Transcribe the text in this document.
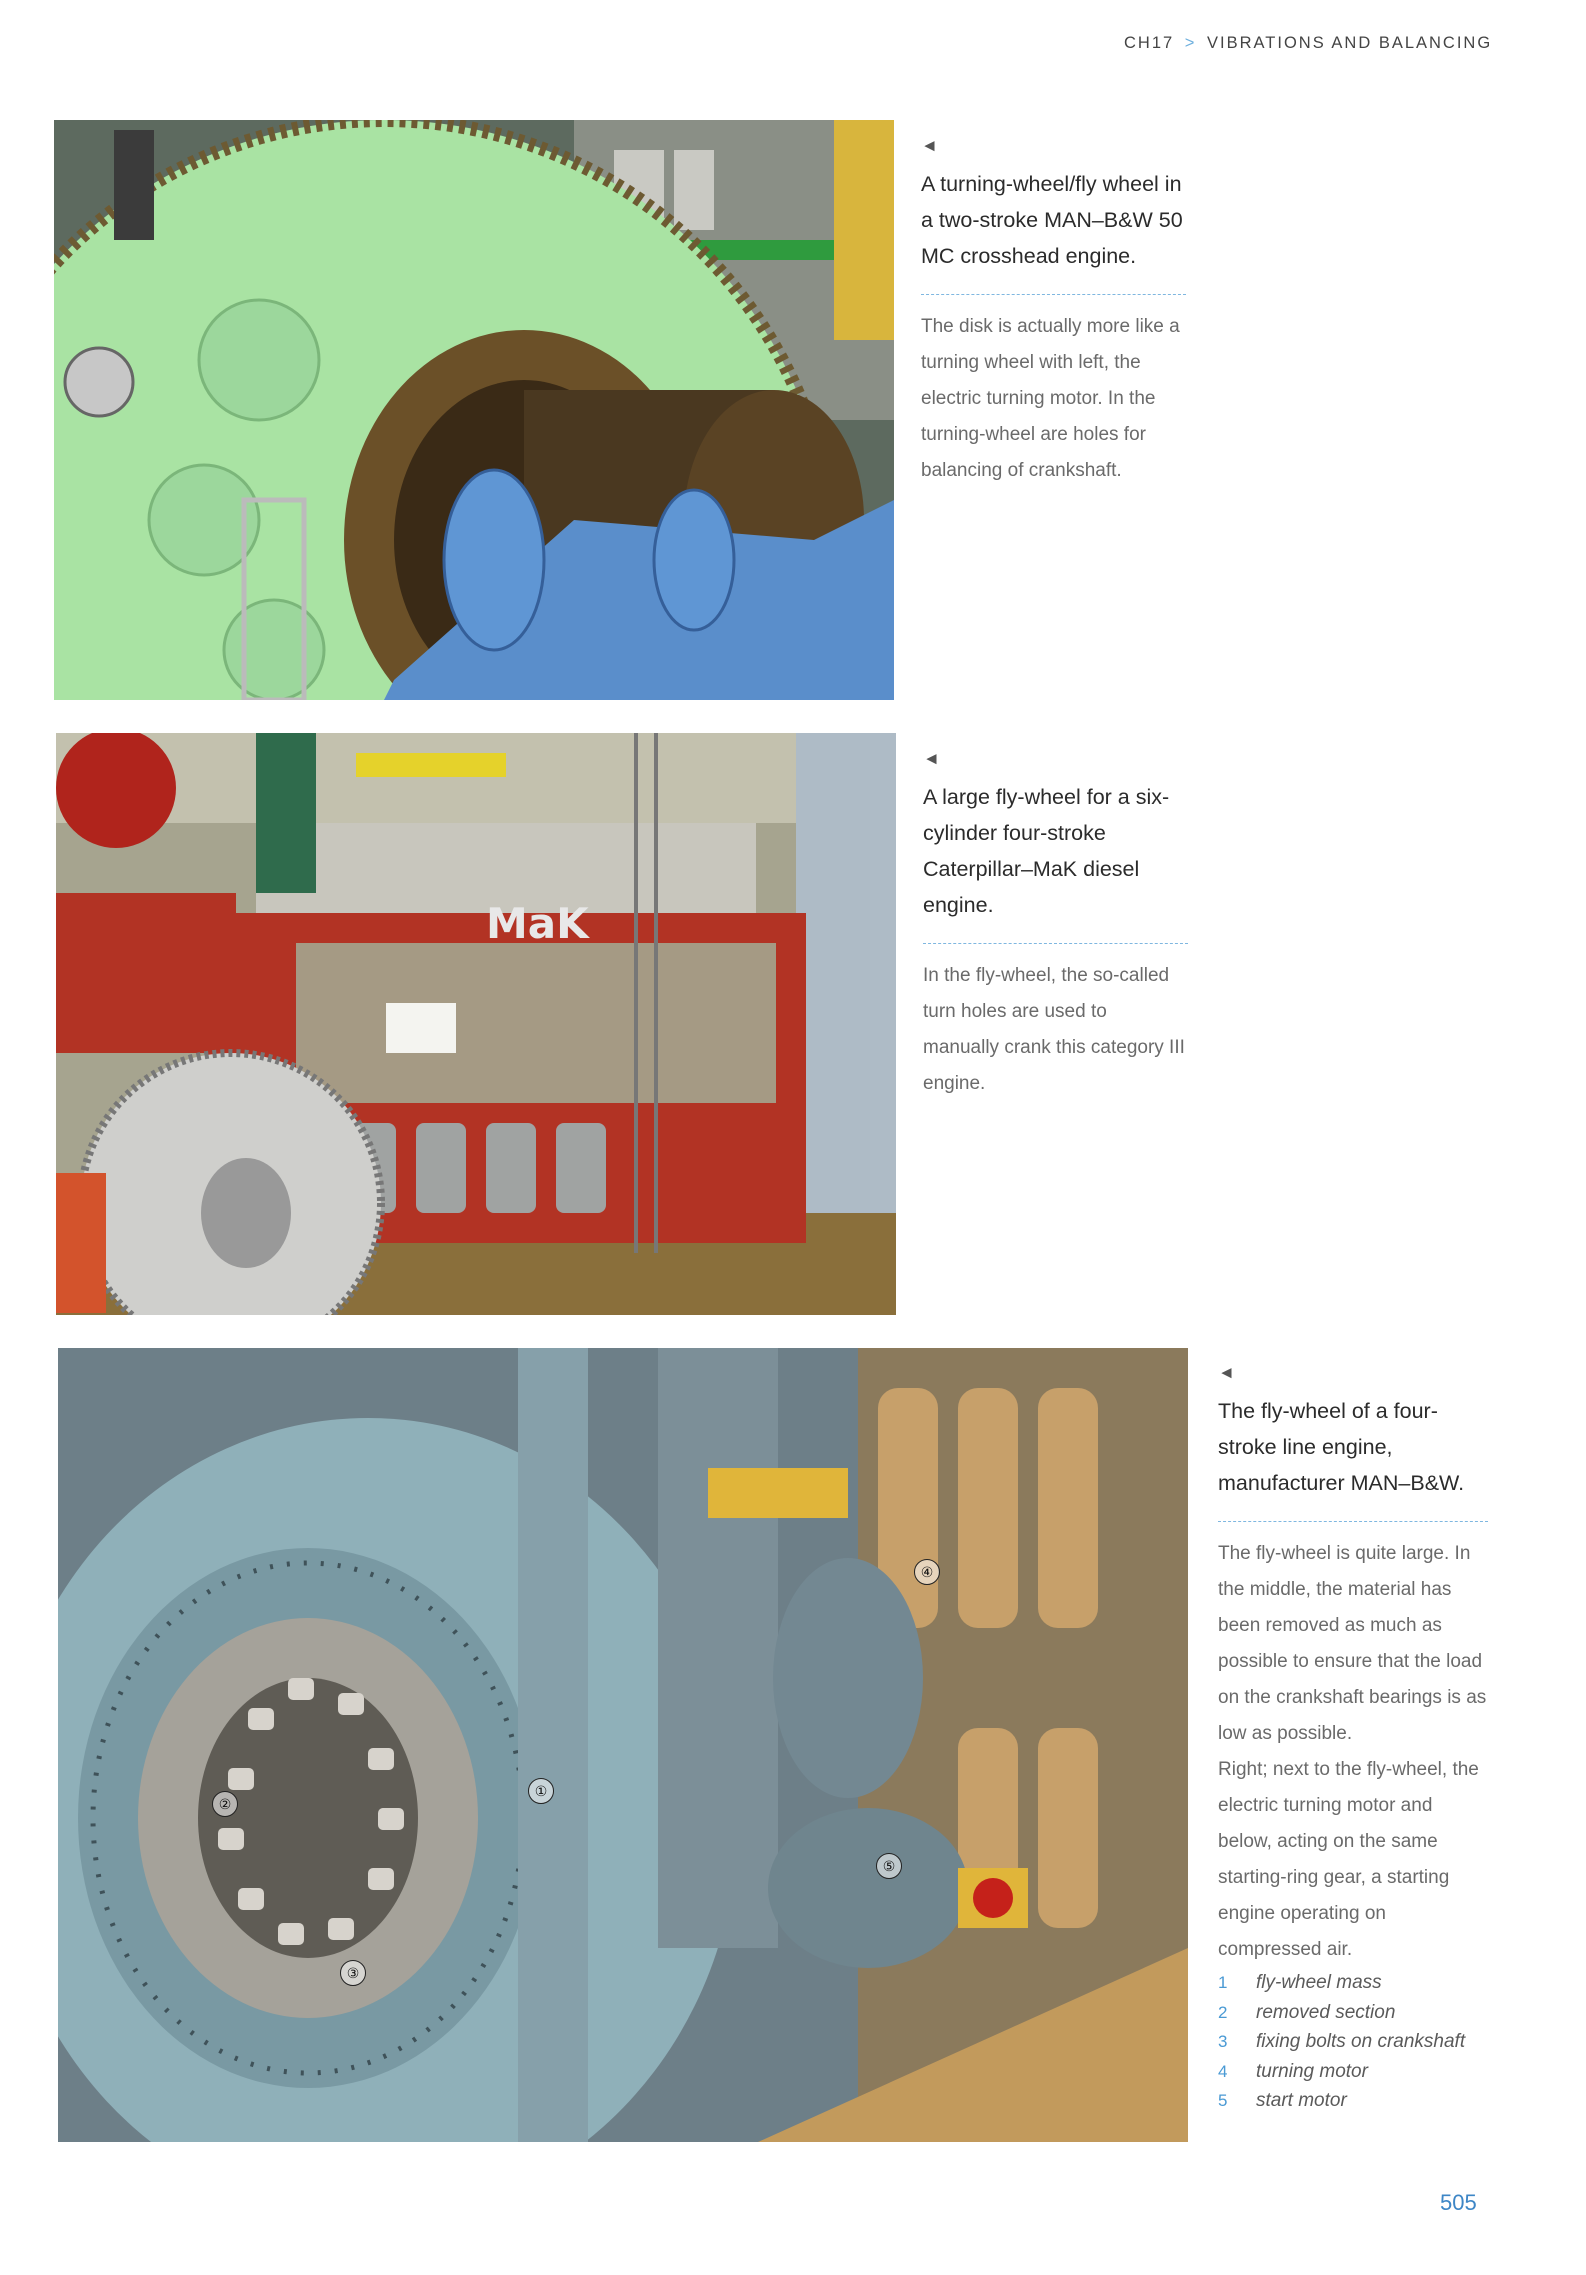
CH17 > VIBRATIONS AND BALANCING
◄
A turning-wheel/fly wheel in a two-stroke MAN–B&W 50 MC crosshead engine.
The disk is actually more like a turning wheel with left, the electric turning motor. In the turning-wheel are holes for balancing of crankshaft.
MaK
◄
A large fly-wheel for a six-cylinder four-stroke Caterpillar–MaK diesel engine.
In the fly-wheel, the so-called turn holes are used to manually crank this category III engine.
①
②
③
④
⑤
◄
The fly-wheel of a four-stroke line engine, manufacturer MAN–B&W.
The fly-wheel is quite large. In the middle, the material has been removed as much as possible to ensure that the load on the crankshaft bearings is as low as possible.
Right; next to the fly-wheel, the electric turning motor and below, acting on the same starting-ring gear, a starting engine operating on compressed air.
1	fly-wheel mass
2	removed section
3	fixing bolts on crankshaft
4	turning motor
5	start motor
505
